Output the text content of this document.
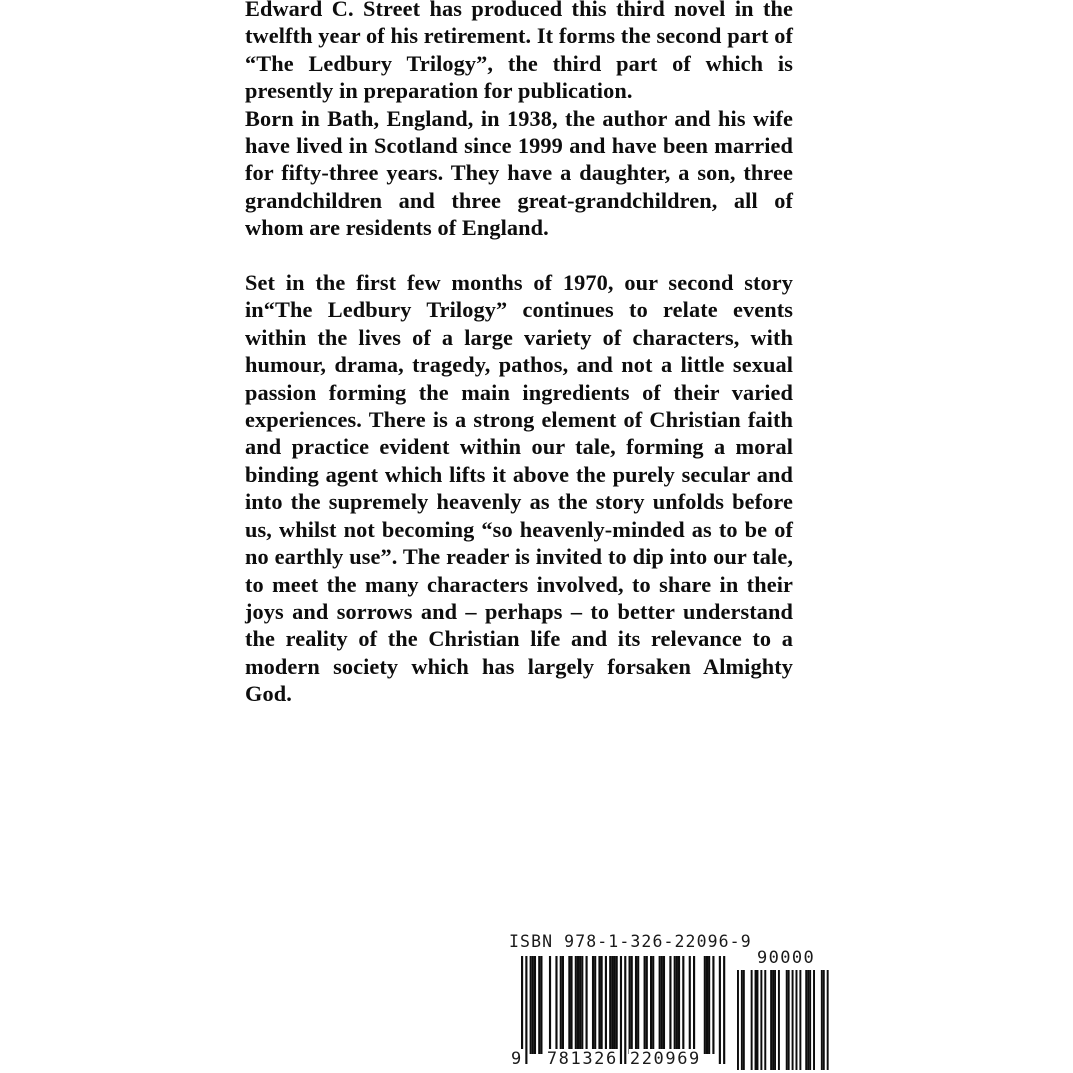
Edward C. Street has produced this third novel in the twelfth year of his retirement. It forms the second part of “The Ledbury Trilogy”, the third part of which is presently in preparation for publication.

Born in Bath, England, in 1938, the author and his wife have lived in Scotland since 1999 and have been married for fifty-three years. They have a daughter, a son, three grandchildren and three great-grandchildren, all of whom are residents of England.

Set in the first few months of 1970, our second story in“The Ledbury Trilogy” continues to relate events within the lives of a large variety of characters, with humour, drama, tragedy, pathos, and not a little sexual passion forming the main ingredients of their varied experiences. There is a strong element of Christian faith and practice evident within our tale, forming a moral binding agent which lifts it above the purely secular and into the supremely heavenly as the story unfolds before us, whilst not becoming “so heavenly-minded as to be of no earthly use”. The reader is invited to dip into our tale, to meet the many characters involved, to share in their joys and sorrows and – perhaps – to better understand the reality of the Christian life and its relevance to a modern society which has largely forsaken Almighty God.

ISBN 978-1-326-22096-9
90000
9 781326 220969
